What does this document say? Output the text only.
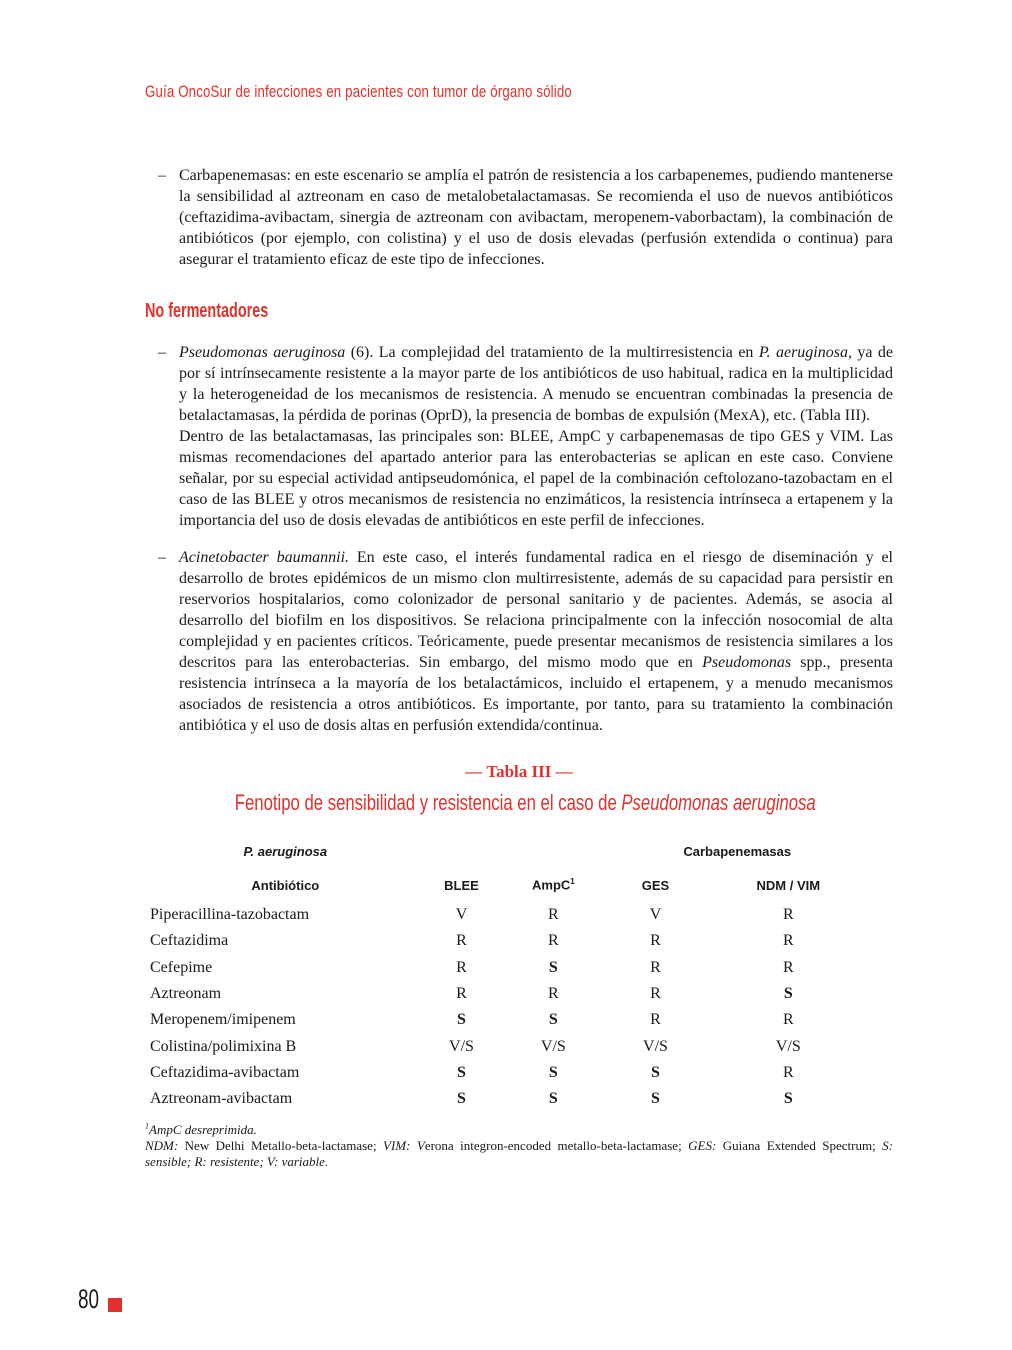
Guía OncoSur de infecciones en pacientes con tumor de órgano sólido
– Carbapenemasas: en este escenario se amplía el patrón de resistencia a los carbapenemes, pudiendo mantenerse la sensibilidad al aztreonam en caso de metalobetalactamasas. Se recomienda el uso de nuevos antibióticos (ceftazidima-avibactam, sinergia de aztreonam con avibactam, meropenem-vaborbactam), la combinación de antibióticos (por ejemplo, con colistina) y el uso de dosis elevadas (perfusión extendida o continua) para asegurar el tratamiento eficaz de este tipo de infecciones.

No fermentadores
– Pseudomonas aeruginosa (6). La complejidad del tratamiento de la multirresistencia en P. aeruginosa, ya de por sí intrínsecamente resistente a la mayor parte de los antibióticos de uso habitual, radica en la multiplicidad y la heterogeneidad de los mecanismos de resistencia. A menudo se encuentran combinadas la presencia de betalactamasas, la pérdida de porinas (OprD), la presencia de bombas de expulsión (MexA), etc. (Tabla III).

Dentro de las betalactamasas, las principales son: BLEE, AmpC y carbapenemasas de tipo GES y VIM. Las mismas recomendaciones del apartado anterior para las enterobacterias se aplican en este caso. Conviene señalar, por su especial actividad antipseudomónica, el papel de la combinación ceftolozano-tazobactam en el caso de las BLEE y otros mecanismos de resistencia no enzimáticos, la resistencia intrínseca a ertapenem y la importancia del uso de dosis elevadas de antibióticos en este perfil de infecciones.

– Acinetobacter baumannii. En este caso, el interés fundamental radica en el riesgo de diseminación y el desarrollo de brotes epidémicos de un mismo clon multirresistente, además de su capacidad para persistir en reservorios hospitalarios, como colonizador de personal sanitario y de pacientes. Además, se asocia al desarrollo del biofilm en los dispositivos. Se relaciona principalmente con la infección nosocomial de alta complejidad y en pacientes críticos. Teóricamente, puede presentar mecanismos de resistencia similares a los descritos para las enterobacterias. Sin embargo, del mismo modo que en Pseudomonas spp., presenta resistencia intrínseca a la mayoría de los betalactámicos, incluido el ertapenem, y a menudo mecanismos asociados de resistencia a otros antibióticos. Es importante, por tanto, para su tratamiento la combinación antibiótica y el uso de dosis altas en perfusión extendida/continua.

— Tabla III —
Fenotipo de sensibilidad y resistencia en el caso de Pseudomonas aeruginosa
P. aeruginosa			Carbapenemasas	
Antibiótico	BLEE	AmpC$^1$	GES	NDM / VIM
Piperacillina-tazobactam	V	R	V	R
Ceftazidima	R	R	R	R
Cefepime	R	S	R	R
Aztreonam	R	R	R	S
Meropenem/imipenem	S	S	R	R
Colistina/polimixina B	V/S	V/S	V/S	V/S
Ceftazidima-avibactam	S	S	S	R
Aztreonam-avibactam	S	S	S	S
$^1$AmpC desreprimida.
NDM: New Delhi Metallo-beta-lactamase; VIM: Verona integron-encoded metallo-beta-lactamase; GES: Guiana Extended Spectrum; S: sensible; R: resistente; V: variable.
80
